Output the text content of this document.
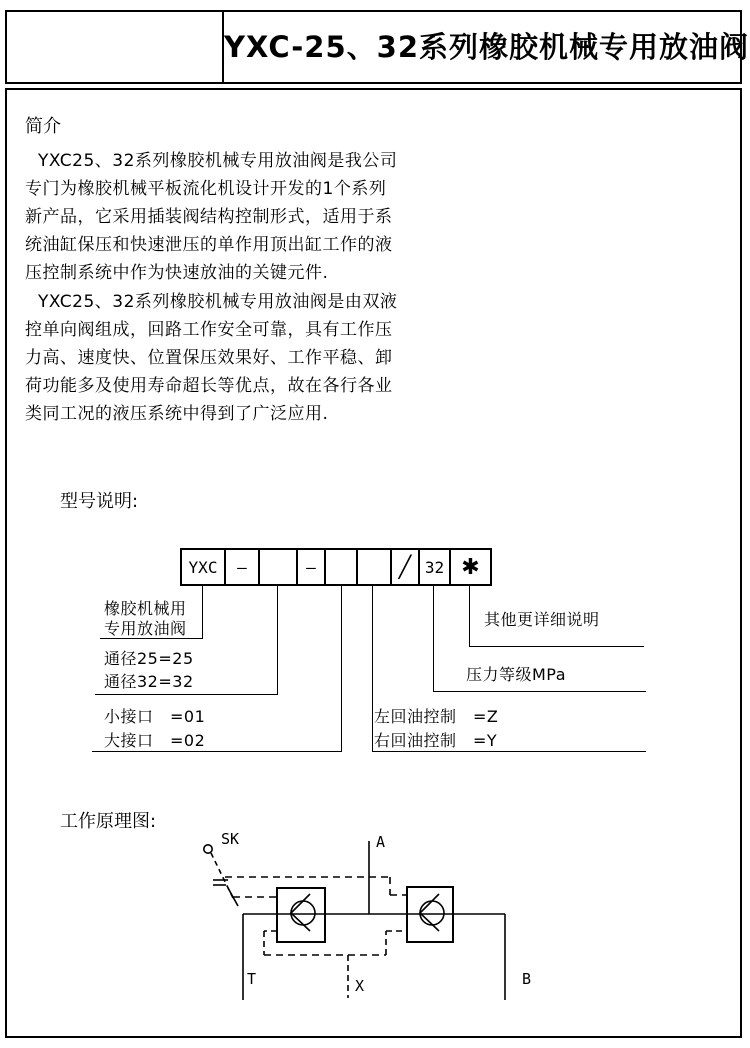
YXC-25、32系列橡胶机械专用放油阀
简介
YXC25、32系列橡胶机械专用放油阀是我公司
专门为橡胶机械平板流化机设计开发的1个系列
新产品，它采用插装阀结构控制形式，适用于系
统油缸保压和快速泄压的单作用顶出缸工作的液
压控制系统中作为快速放油的关键元件.
YXC25、32系列橡胶机械专用放油阀是由双液
控单向阀组成，回路工作安全可靠，具有工作压
力高、速度快、位置保压效果好、工作平稳、卸
荷功能多及使用寿命超长等优点，故在各行各业
类同工况的液压系统中得到了广泛应用.
型号说明:
YXC	—	—	╱ 32 ✱
橡胶机械用
专用放油阀
通径25=25
通径32=32
小接口　=01
大接口　=02
其他更详细说明
压力等级MPa
左回油控制　=Z
右回油控制　=Y
工作原理图:
SK	A
T	X	B
